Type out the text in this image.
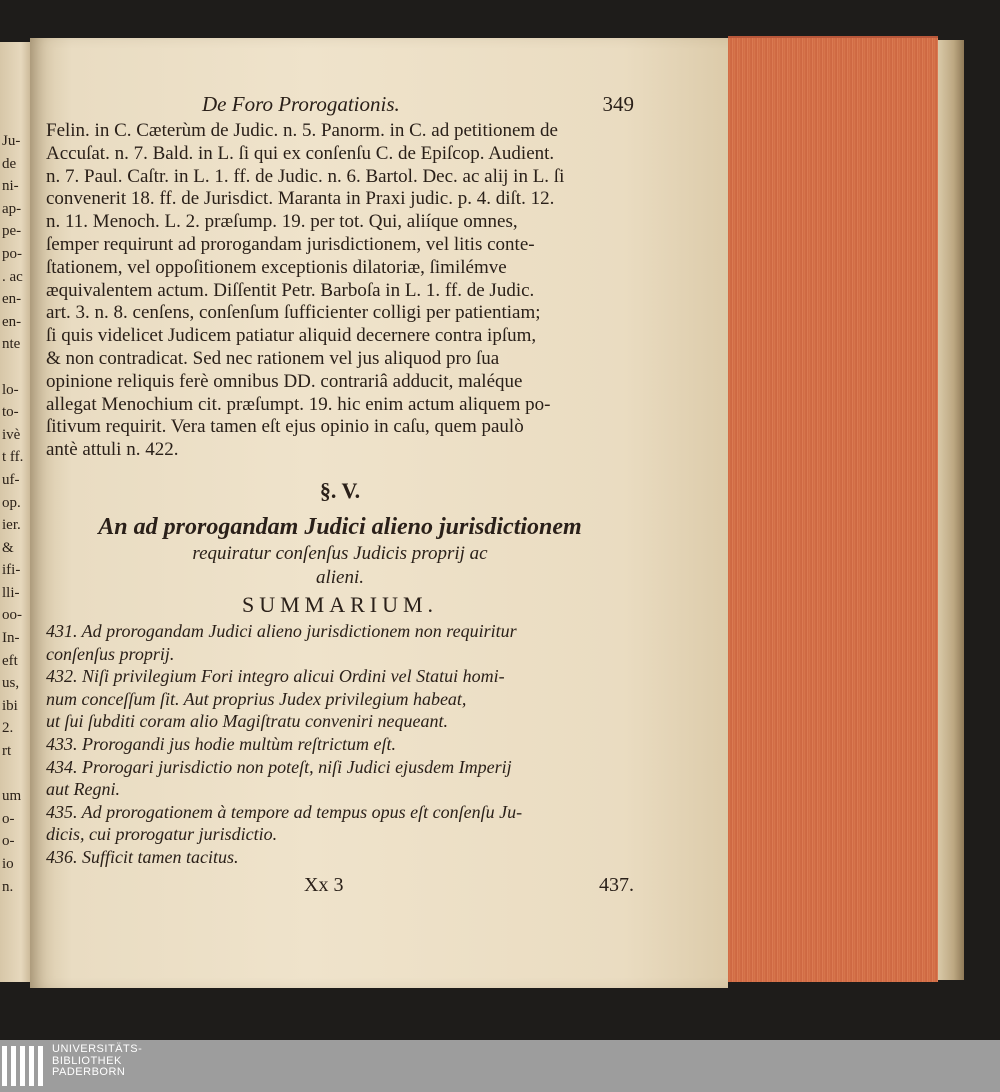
Ju-
de
ni-
ap-
pe-
po-
. ac
en-
en-
nte
lo-
to-
ivè
t ff.
uf-
op.
ier.
&
ifi-
lli-
oo-
In-
eft
us,
ibi
2.
rt
um
o-
o-
io
n.
De Foro Prorogationis.	349
Felin. in C. Cæterùm de Judic. n. 5. Panorm. in C. ad petitionem de
Accuſat. n. 7. Bald. in L. ſi qui ex conſenſu C. de Epiſcop. Audient.
n. 7. Paul. Caſtr. in L. 1. ff. de Judic. n. 6. Bartol. Dec. ac alij in L. ſi
convenerit 18. ff. de Jurisdict. Maranta in Praxi judic. p. 4. diſt. 12.
n. 11. Menoch. L. 2. præſump. 19. per tot. Qui, aliíque omnes,
ſemper requirunt ad prorogandam jurisdictionem, vel litis conte-
ſtationem, vel oppoſitionem exceptionis dilatoriæ, ſimilémve
æquivalentem actum. Diſſentit Petr. Barboſa in L. 1. ff. de Judic.
art. 3. n. 8. cenſens, conſenſum ſufficienter colligi per patientiam;
ſi quis videlicet Judicem patiatur aliquid decernere contra ipſum,
& non contradicat. Sed nec rationem vel jus aliquod pro ſua
opinione reliquis ferè omnibus DD. contrariâ adducit, maléque
allegat Menochium cit. præſumpt. 19. hic enim actum aliquem po-
ſitivum requirit. Vera tamen eſt ejus opinio in caſu, quem paulò
antè attuli n. 422.
§. V.
An ad prorogandam Judici alieno jurisdictionem
requiratur conſenſus Judicis proprij ac
alieni.
SUMMARIUM.
431. Ad prorogandam Judici alieno jurisdictionem non requiritur
conſenſus proprij.
432. Niſi privilegium Fori integro alicui Ordini vel Statui homi-
num conceſſum ſit. Aut proprius Judex privilegium habeat,
ut ſui ſubditi coram alio Magiſtratu conveniri nequeant.
433. Prorogandi jus hodie multùm reſtrictum eſt.
434. Prorogari jurisdictio non poteſt, niſi Judici ejusdem Imperij
aut Regni.
435. Ad prorogationem à tempore ad tempus opus eſt conſenſu Ju-
dicis, cui prorogatur jurisdictio.
436. Sufficit tamen tacitus.
Xx 3	437.
UNIVERSITÄTS-
BIBLIOTHEK
PADERBORN
